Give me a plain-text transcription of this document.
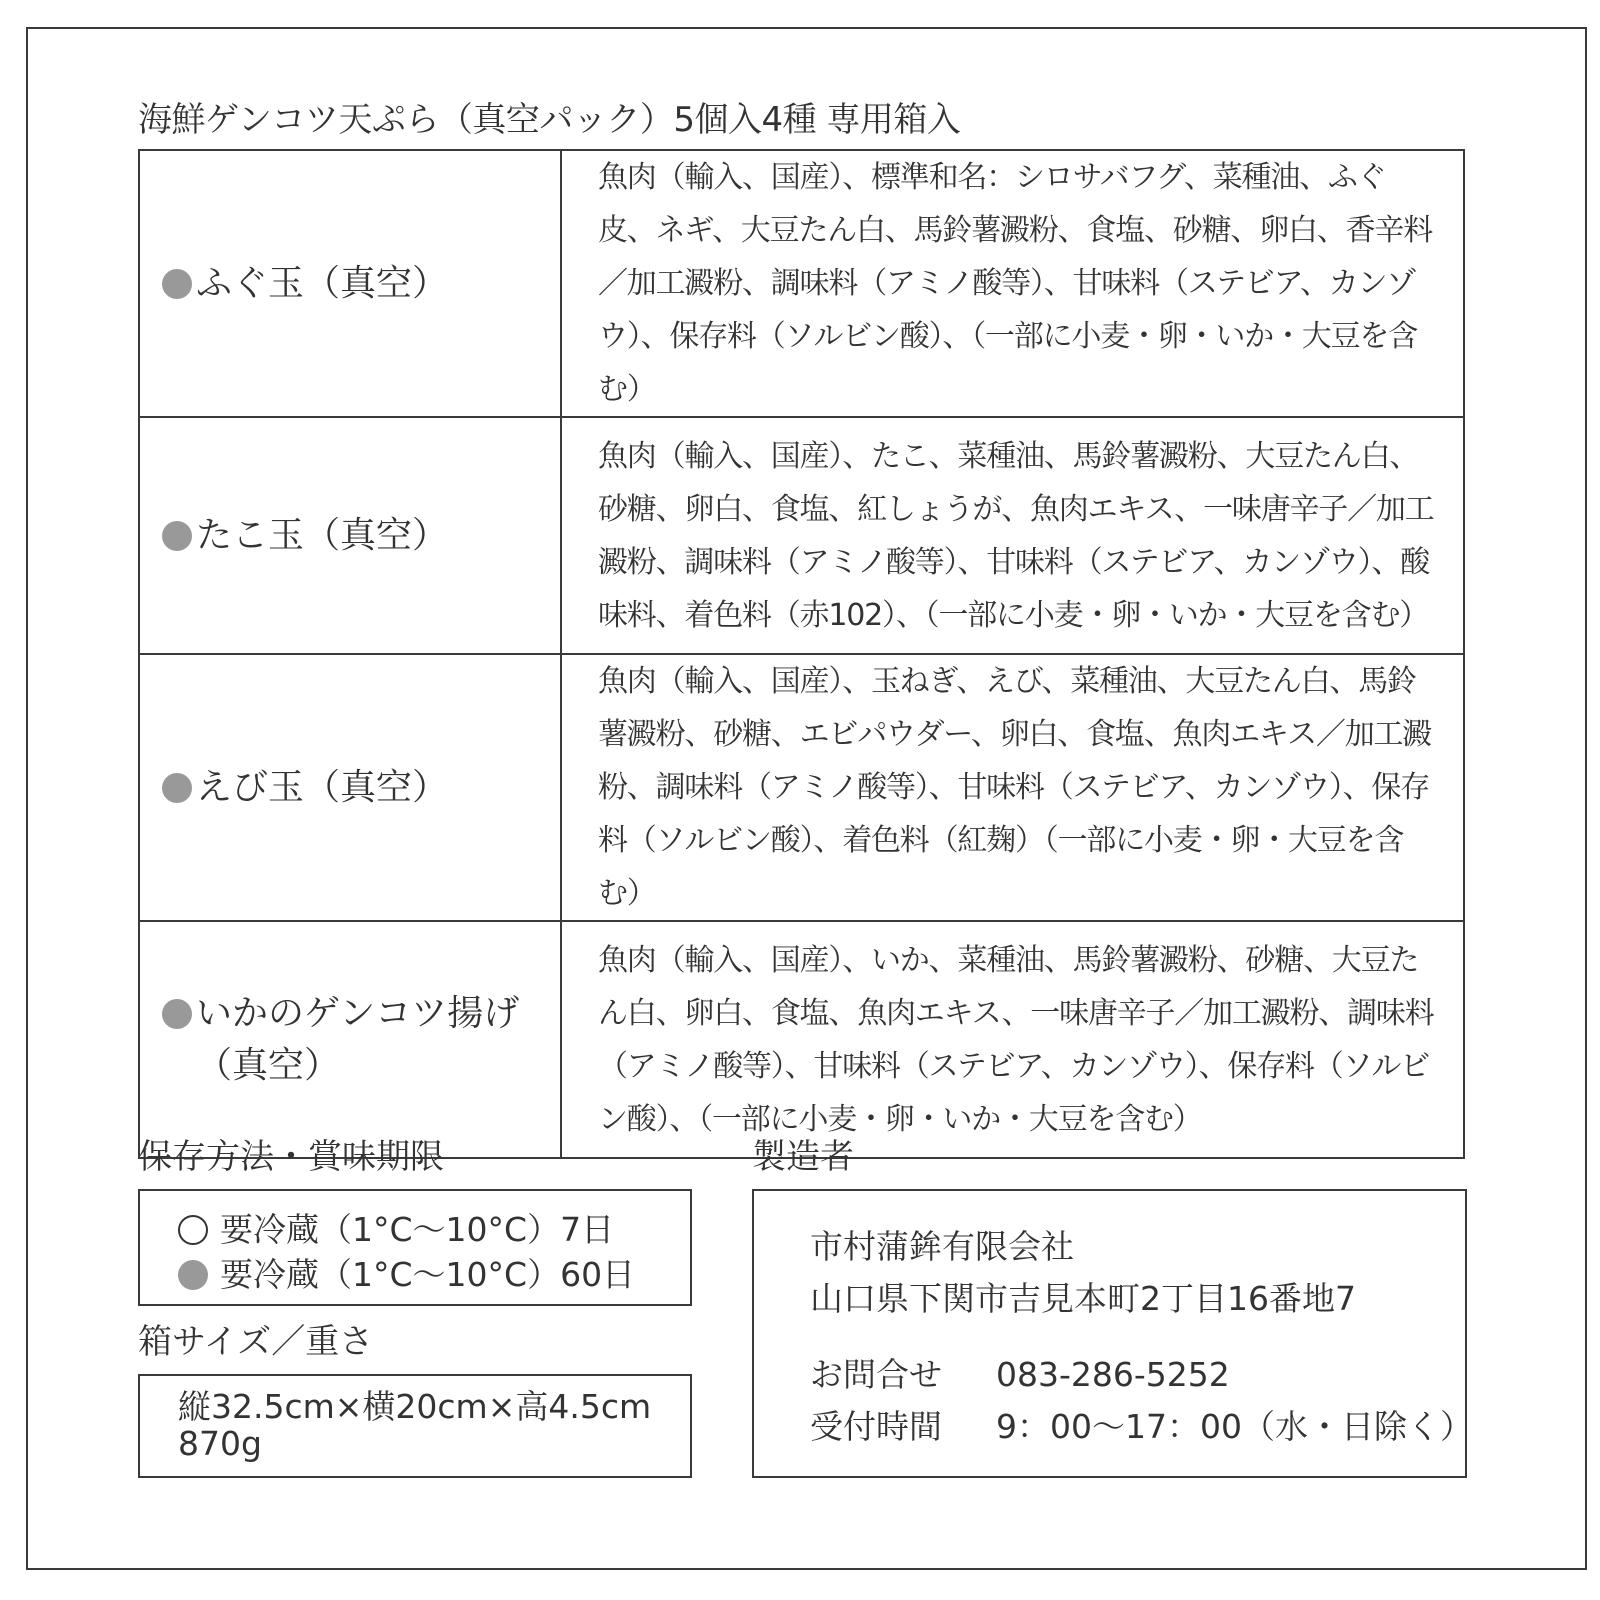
海鮮ゲンコツ天ぷら（真空パック）5個入4種 専用箱入
ふぐ玉（真空）	魚肉（輸入、国産）、標準和名：シロサバフグ、菜種油、ふぐ皮、ネギ、大豆たん白、馬鈴薯澱粉、食塩、砂糖、卵白、香辛料／加工澱粉、調味料（アミノ酸等）、甘味料（ステビア、カンゾウ）、保存料（ソルビン酸）、（一部に小麦・卵・いか・大豆を含む）

たこ玉（真空）	魚肉（輸入、国産）、たこ、菜種油、馬鈴薯澱粉、大豆たん白、砂糖、卵白、食塩、紅しょうが、魚肉エキス、一味唐辛子／加工澱粉、調味料（アミノ酸等）、甘味料（ステビア、カンゾウ）、酸味料、着色料（赤102）、（一部に小麦・卵・いか・大豆を含む）

えび玉（真空）	魚肉（輸入、国産）、玉ねぎ、えび、菜種油、大豆たん白、馬鈴薯澱粉、砂糖、エビパウダー、卵白、食塩、魚肉エキス／加工澱粉、調味料（アミノ酸等）、甘味料（ステビア、カンゾウ）、保存料（ソルビン酸）、着色料（紅麹）（一部に小麦・卵・大豆を含む）

いかのゲンコツ揚げ
（真空）	魚肉（輸入、国産）、いか、菜種油、馬鈴薯澱粉、砂糖、大豆たん白、卵白、食塩、魚肉エキス、一味唐辛子／加工澱粉、調味料（アミノ酸等）、甘味料（ステビア、カンゾウ）、保存料（ソルビン酸）、（一部に小麦・卵・いか・大豆を含む）
保存方法・賞味期限
要冷蔵（1°C〜10°C）7日
要冷蔵（1°C〜10°C）60日
箱サイズ／重さ
縦32.5cm×横20cm×高4.5cm
870g
製造者
市村蒲鉾有限会社
山口県下関市吉見本町2丁目16番地7
お問合せ	083-286-5252
受付時間	9：00〜17：00（水・日除く）
